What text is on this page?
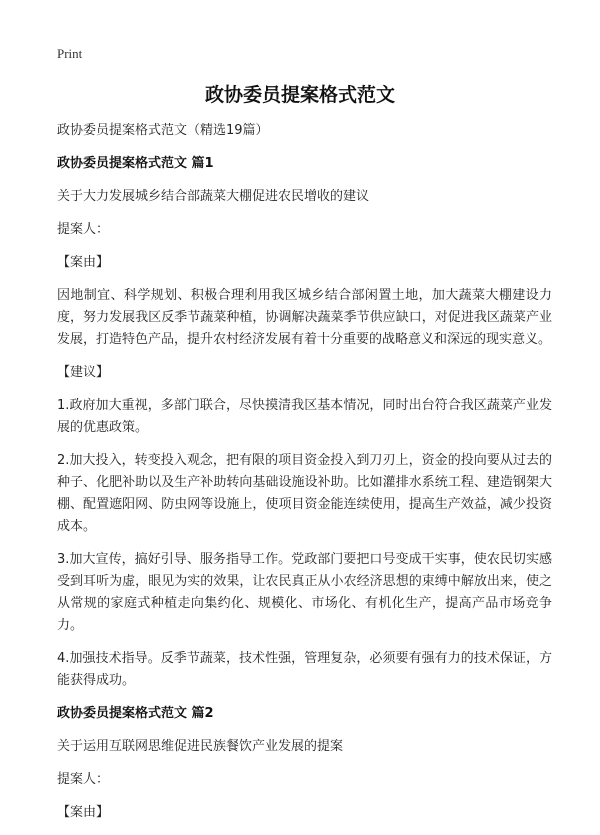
Print
政协委员提案格式范文

政协委员提案格式范文（精选19篇）

政协委员提案格式范文 篇1

关于大力发展城乡结合部蔬菜大棚促进农民增收的建议

提案人：

【案由】

因地制宜、科学规划、积极合理利用我区城乡结合部闲置土地，加大蔬菜大棚建设力度，努力发展我区反季节蔬菜种植，协调解决蔬菜季节供应缺口，对促进我区蔬菜产业发展，打造特色产品，提升农村经济发展有着十分重要的战略意义和深远的现实意义。

【建议】

1.政府加大重视，多部门联合，尽快摸清我区基本情况，同时出台符合我区蔬菜产业发展的优惠政策。

2.加大投入，转变投入观念，把有限的项目资金投入到刀刃上，资金的投向要从过去的种子、化肥补助以及生产补助转向基础设施设补助。比如灌排水系统工程、建造钢架大棚、配置遮阳网、防虫网等设施上，使项目资金能连续使用，提高生产效益，减少投资成本。

3.加大宣传，搞好引导、服务指导工作。党政部门要把口号变成干实事，使农民切实感受到耳听为虚，眼见为实的效果，让农民真正从小农经济思想的束缚中解放出来，使之从常规的家庭式种植走向集约化、规模化、市场化、有机化生产，提高产品市场竞争力。

4.加强技术指导。反季节蔬菜，技术性强，管理复杂，必须要有强有力的技术保证，方能获得成功。

政协委员提案格式范文 篇2

关于运用互联网思维促进民族餐饮产业发展的提案

提案人：

【案由】
